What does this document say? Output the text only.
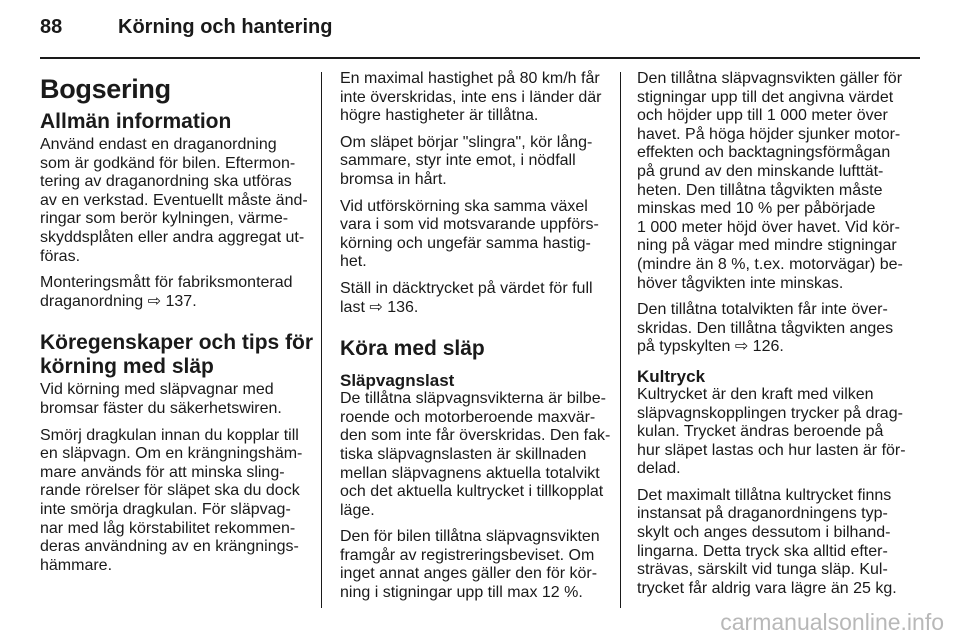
88	Körning och hantering
Bogsering
Allmän information

Använd endast en draganordning
som är godkänd för bilen. Eftermon-
tering av draganordning ska utföras
av en verkstad. Eventuellt måste änd-
ringar som berör kylningen, värme-
skyddsplåten eller andra aggregat ut-
föras.

Monteringsmått för fabriksmonterad
draganordning ⇨ 137.

Köregenskaper och tips för
körning med släp

Vid körning med släpvagnar med
bromsar fäster du säkerhetswiren.

Smörj dragkulan innan du kopplar till
en släpvagn. Om en krängningshäm-
mare används för att minska sling-
rande rörelser för släpet ska du dock
inte smörja dragkulan. För släpvag-
nar med låg körstabilitet rekommen-
deras användning av en krängnings-
hämmare.

En maximal hastighet på 80 km/h får
inte överskridas, inte ens i länder där
högre hastigheter är tillåtna.

Om släpet börjar "slingra", kör lång-
sammare, styr inte emot, i nödfall
bromsa in hårt.

Vid utförskörning ska samma växel
vara i som vid motsvarande uppförs-
körning och ungefär samma hastig-
het.

Ställ in däcktrycket på värdet för full
last ⇨ 136.

Köra med släp
Släpvagnslast

De tillåtna släpvagnsvikterna är bilbe-
roende och motorberoende maxvär-
den som inte får överskridas. Den fak-
tiska släpvagnslasten är skillnaden
mellan släpvagnens aktuella totalvikt
och det aktuella kultrycket i tillkopplat
läge.

Den för bilen tillåtna släpvagnsvikten
framgår av registreringsbeviset. Om
inget annat anges gäller den för kör-
ning i stigningar upp till max 12 %.

Den tillåtna släpvagnsvikten gäller för
stigningar upp till det angivna värdet
och höjder upp till 1 000 meter över
havet. På höga höjder sjunker motor-
effekten och backtagningsförmågan
på grund av den minskande lufttät-
heten. Den tillåtna tågvikten måste
minskas med 10 % per påbörjade
1 000 meter höjd över havet. Vid kör-
ning på vägar med mindre stigningar
(mindre än 8 %, t.ex. motorvägar) be-
höver tågvikten inte minskas.

Den tillåtna totalvikten får inte över-
skridas. Den tillåtna tågvikten anges
på typskylten ⇨ 126.

Kultryck

Kultrycket är den kraft med vilken
släpvagnskopplingen trycker på drag-
kulan. Trycket ändras beroende på
hur släpet lastas och hur lasten är för-
delad.

Det maximalt tillåtna kultrycket finns
instansat på draganordningens typ-
skylt och anges dessutom i bilhand-
lingarna. Detta tryck ska alltid efter-
strävas, särskilt vid tunga släp. Kul-
trycket får aldrig vara lägre än 25 kg.

carmanualsonline.info
